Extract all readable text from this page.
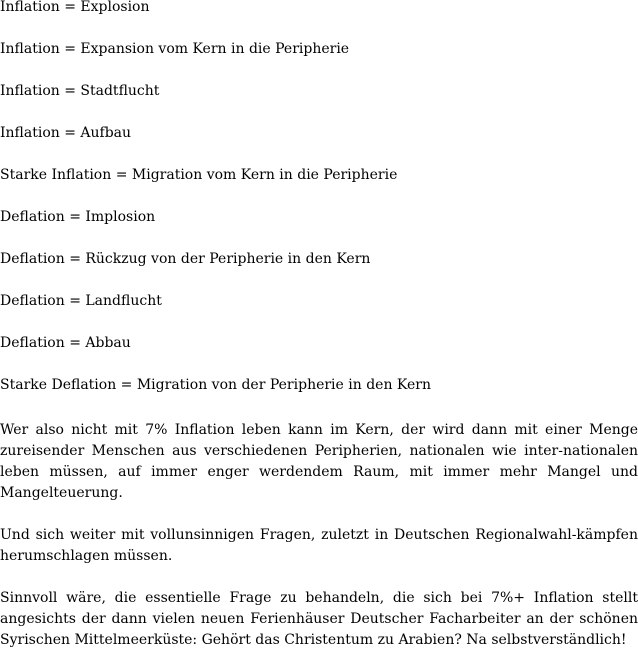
Inflation = Explosion

Inflation = Expansion vom Kern in die Peripherie

Inflation = Stadtflucht

Inflation = Aufbau

Starke Inflation = Migration vom Kern in die Peripherie

Deflation = Implosion

Deflation = Rückzug von der Peripherie in den Kern

Deflation = Landflucht

Deflation = Abbau

Starke Deflation = Migration von der Peripherie in den Kern

Wer also nicht mit 7% Inflation leben kann im Kern, der wird dann mit einer Menge zureisender Menschen aus verschiedenen Peripherien, nationalen wie inter-nationalen leben müssen, auf immer enger werdendem Raum, mit immer mehr Mangel und Mangelteuerung.

Und sich weiter mit vollunsinnigen Fragen, zuletzt in Deutschen Regionalwahl-kämpfen herumschlagen müssen.

Sinnvoll wäre, die essentielle Frage zu behandeln, die sich bei 7%+ Inflation stellt angesichts der dann vielen neuen Ferienhäuser Deutscher Facharbeiter an der schönen Syrischen Mittelmeerküste: Gehört das Christentum zu Arabien? Na selbstverständlich!
